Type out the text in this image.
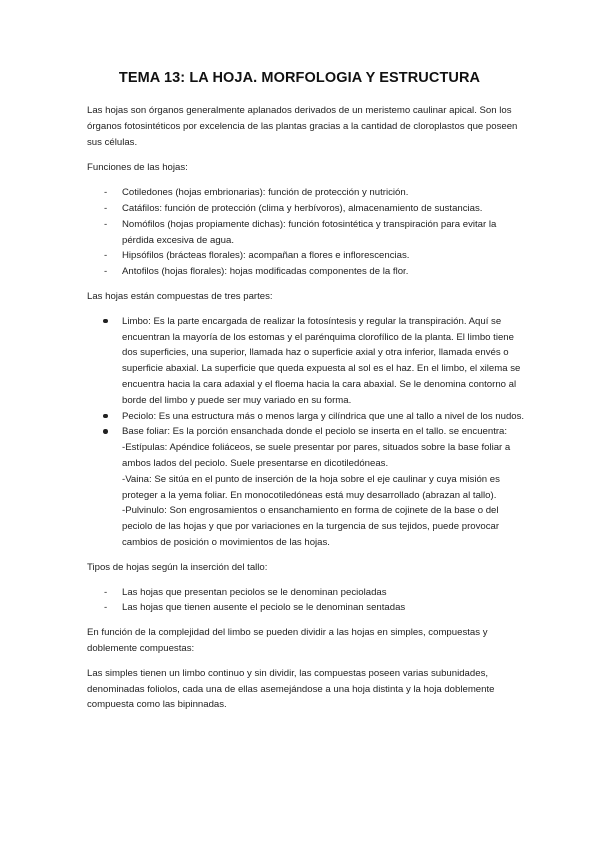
TEMA 13: LA HOJA. MORFOLOGIA Y ESTRUCTURA

Las hojas son órganos generalmente aplanados derivados de un meristemo caulinar apical. Son los órganos fotosintéticos por excelencia de las plantas gracias a la cantidad de cloroplastos que poseen sus células.

Funciones de las hojas:

- Cotiledones (hojas embrionarias): función de protección y nutrición.
- Catáfilos: función de protección (clima y herbívoros), almacenamiento de sustancias.
- Nomófilos (hojas propiamente dichas): función fotosintética y transpiración para evitar la pérdida excesiva de agua.
- Hipsófilos (brácteas florales): acompañan a flores e inflorescencias.
- Antofilos (hojas florales): hojas modificadas componentes de la flor.

Las hojas están compuestas de tres partes:

Limbo: Es la parte encargada de realizar la fotosíntesis y regular la transpiración. Aquí se encuentran la mayoría de los estomas y el parénquima clorofílico de la planta. El limbo tiene dos superficies, una superior, llamada haz o superficie axial y otra inferior, llamada envés o superficie abaxial. La superficie que queda expuesta al sol es el haz. En el limbo, el xilema se encuentra hacia la cara adaxial y el floema hacia la cara abaxial. Se le denomina contorno al borde del limbo y puede ser muy variado en su forma.
Peciolo: Es una estructura más o menos larga y cilíndrica que une al tallo a nivel de los nudos.
Base foliar: Es la porción ensanchada donde el peciolo se inserta en el tallo. se encuentra:
-Estípulas: Apéndice foliáceos, se suele presentar por pares, situados sobre la base foliar a ambos lados del peciolo. Suele presentarse en dicotiledóneas.
-Vaina: Se sitúa en el punto de inserción de la hoja sobre el eje caulinar y cuya misión es proteger a la yema foliar. En monocotiledóneas está muy desarrollado (abrazan al tallo).
-Pulvinulo: Son engrosamientos o ensanchamiento en forma de cojinete de la base o del peciolo de las hojas y que por variaciones en la turgencia de sus tejidos, puede provocar cambios de posición o movimientos de las hojas.

Tipos de hojas según la inserción del tallo:

- Las hojas que presentan peciolos se le denominan pecioladas
- Las hojas que tienen ausente el peciolo se le denominan sentadas

En función de la complejidad del limbo se pueden dividir a las hojas en simples, compuestas y doblemente compuestas:

Las simples tienen un limbo continuo y sin dividir, las compuestas poseen varias subunidades, denominadas foliolos, cada una de ellas asemejándose a una hoja distinta y la hoja doblemente compuesta como las bipinnadas.
